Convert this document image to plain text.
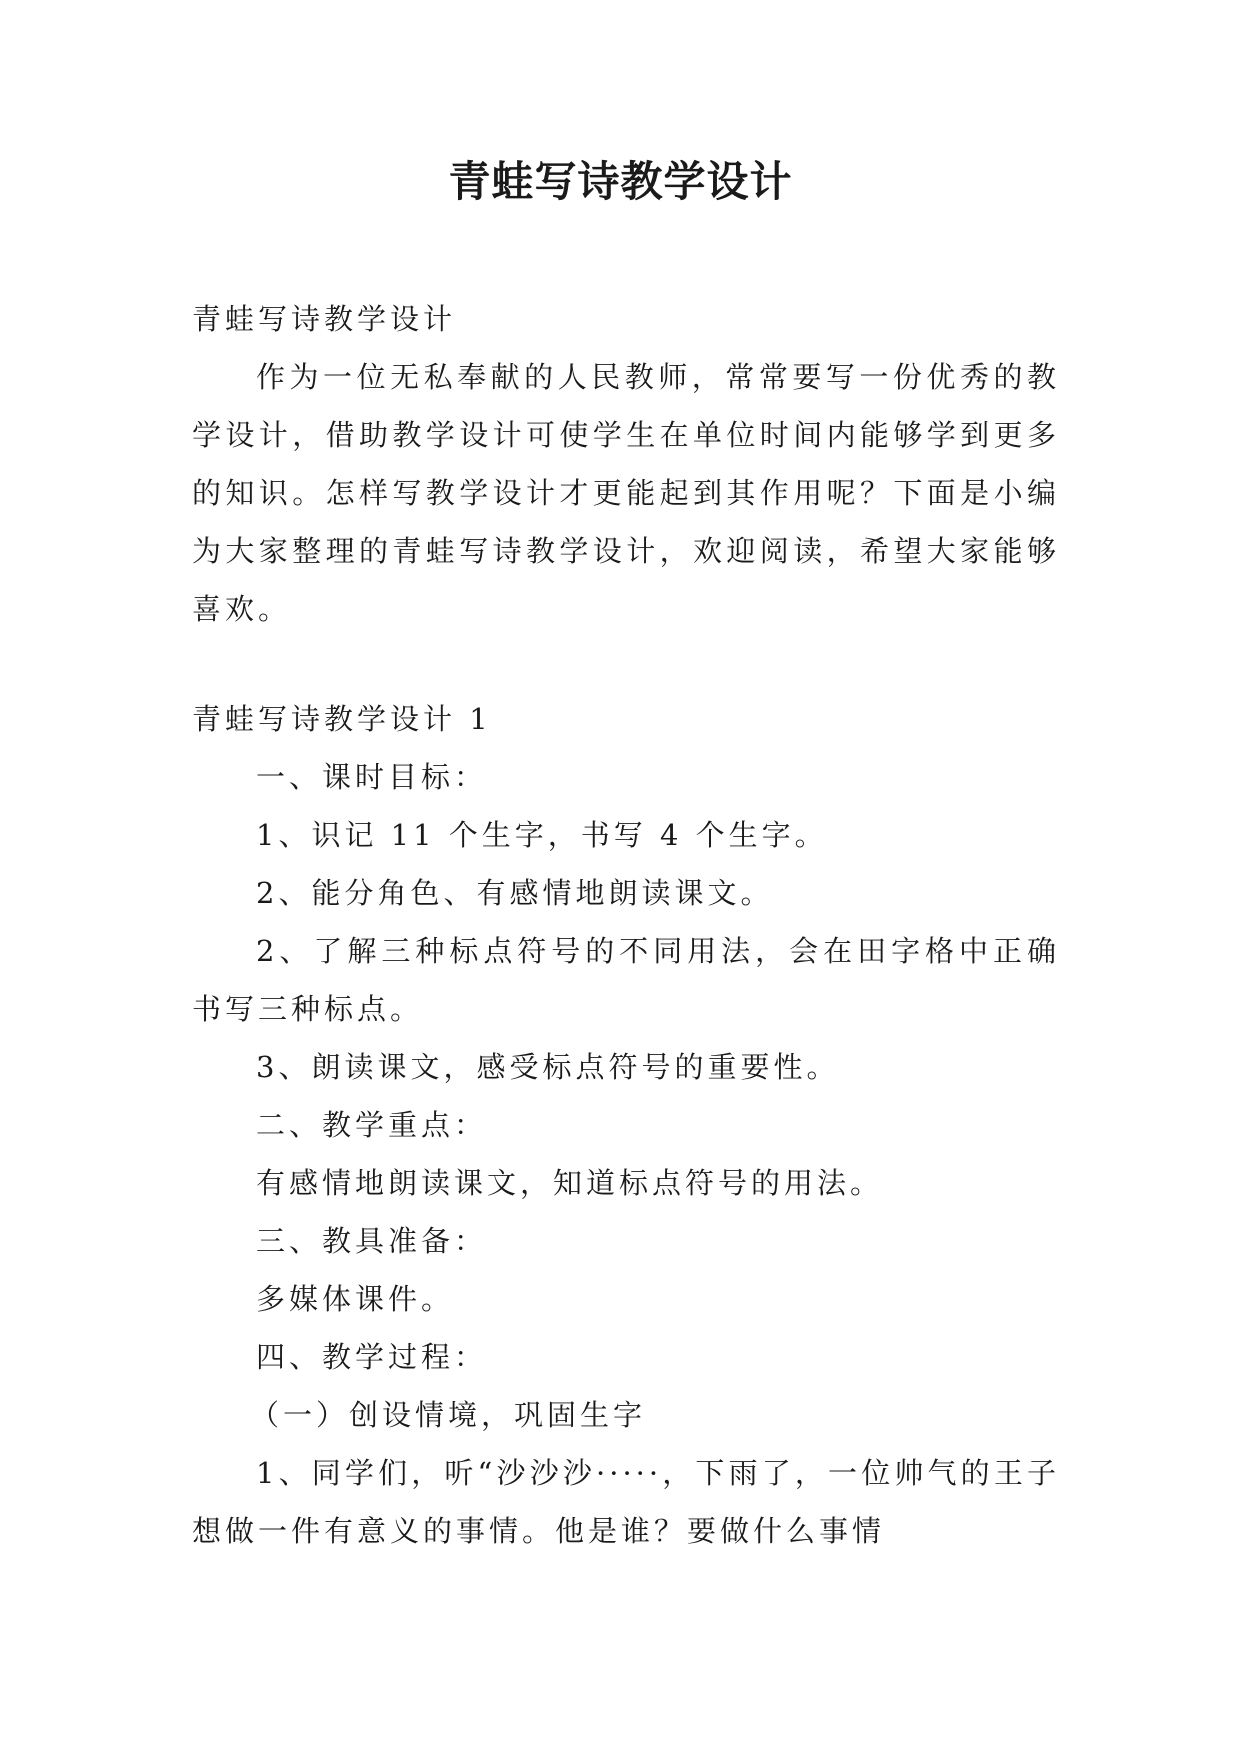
青蛙写诗教学设计

青蛙写诗教学设计

作为一位无私奉献的人民教师，常常要写一份优秀的教学设计，借助教学设计可使学生在单位时间内能够学到更多的知识。怎样写教学设计才更能起到其作用呢？下面是小编为大家整理的青蛙写诗教学设计，欢迎阅读，希望大家能够喜欢。

青蛙写诗教学设计 1

一、课时目标：

1、识记 11 个生字，书写 4 个生字。

2、能分角色、有感情地朗读课文。

2、了解三种标点符号的不同用法，会在田字格中正确书写三种标点。

3、朗读课文，感受标点符号的重要性。

二、教学重点：

有感情地朗读课文，知道标点符号的用法。

三、教具准备：

多媒体课件。

四、教学过程：

（一）创设情境，巩固生字

1、同学们，听“沙沙沙·····，下雨了，一位帅气的王子想做一件有意义的事情。他是谁？要做什么事情
